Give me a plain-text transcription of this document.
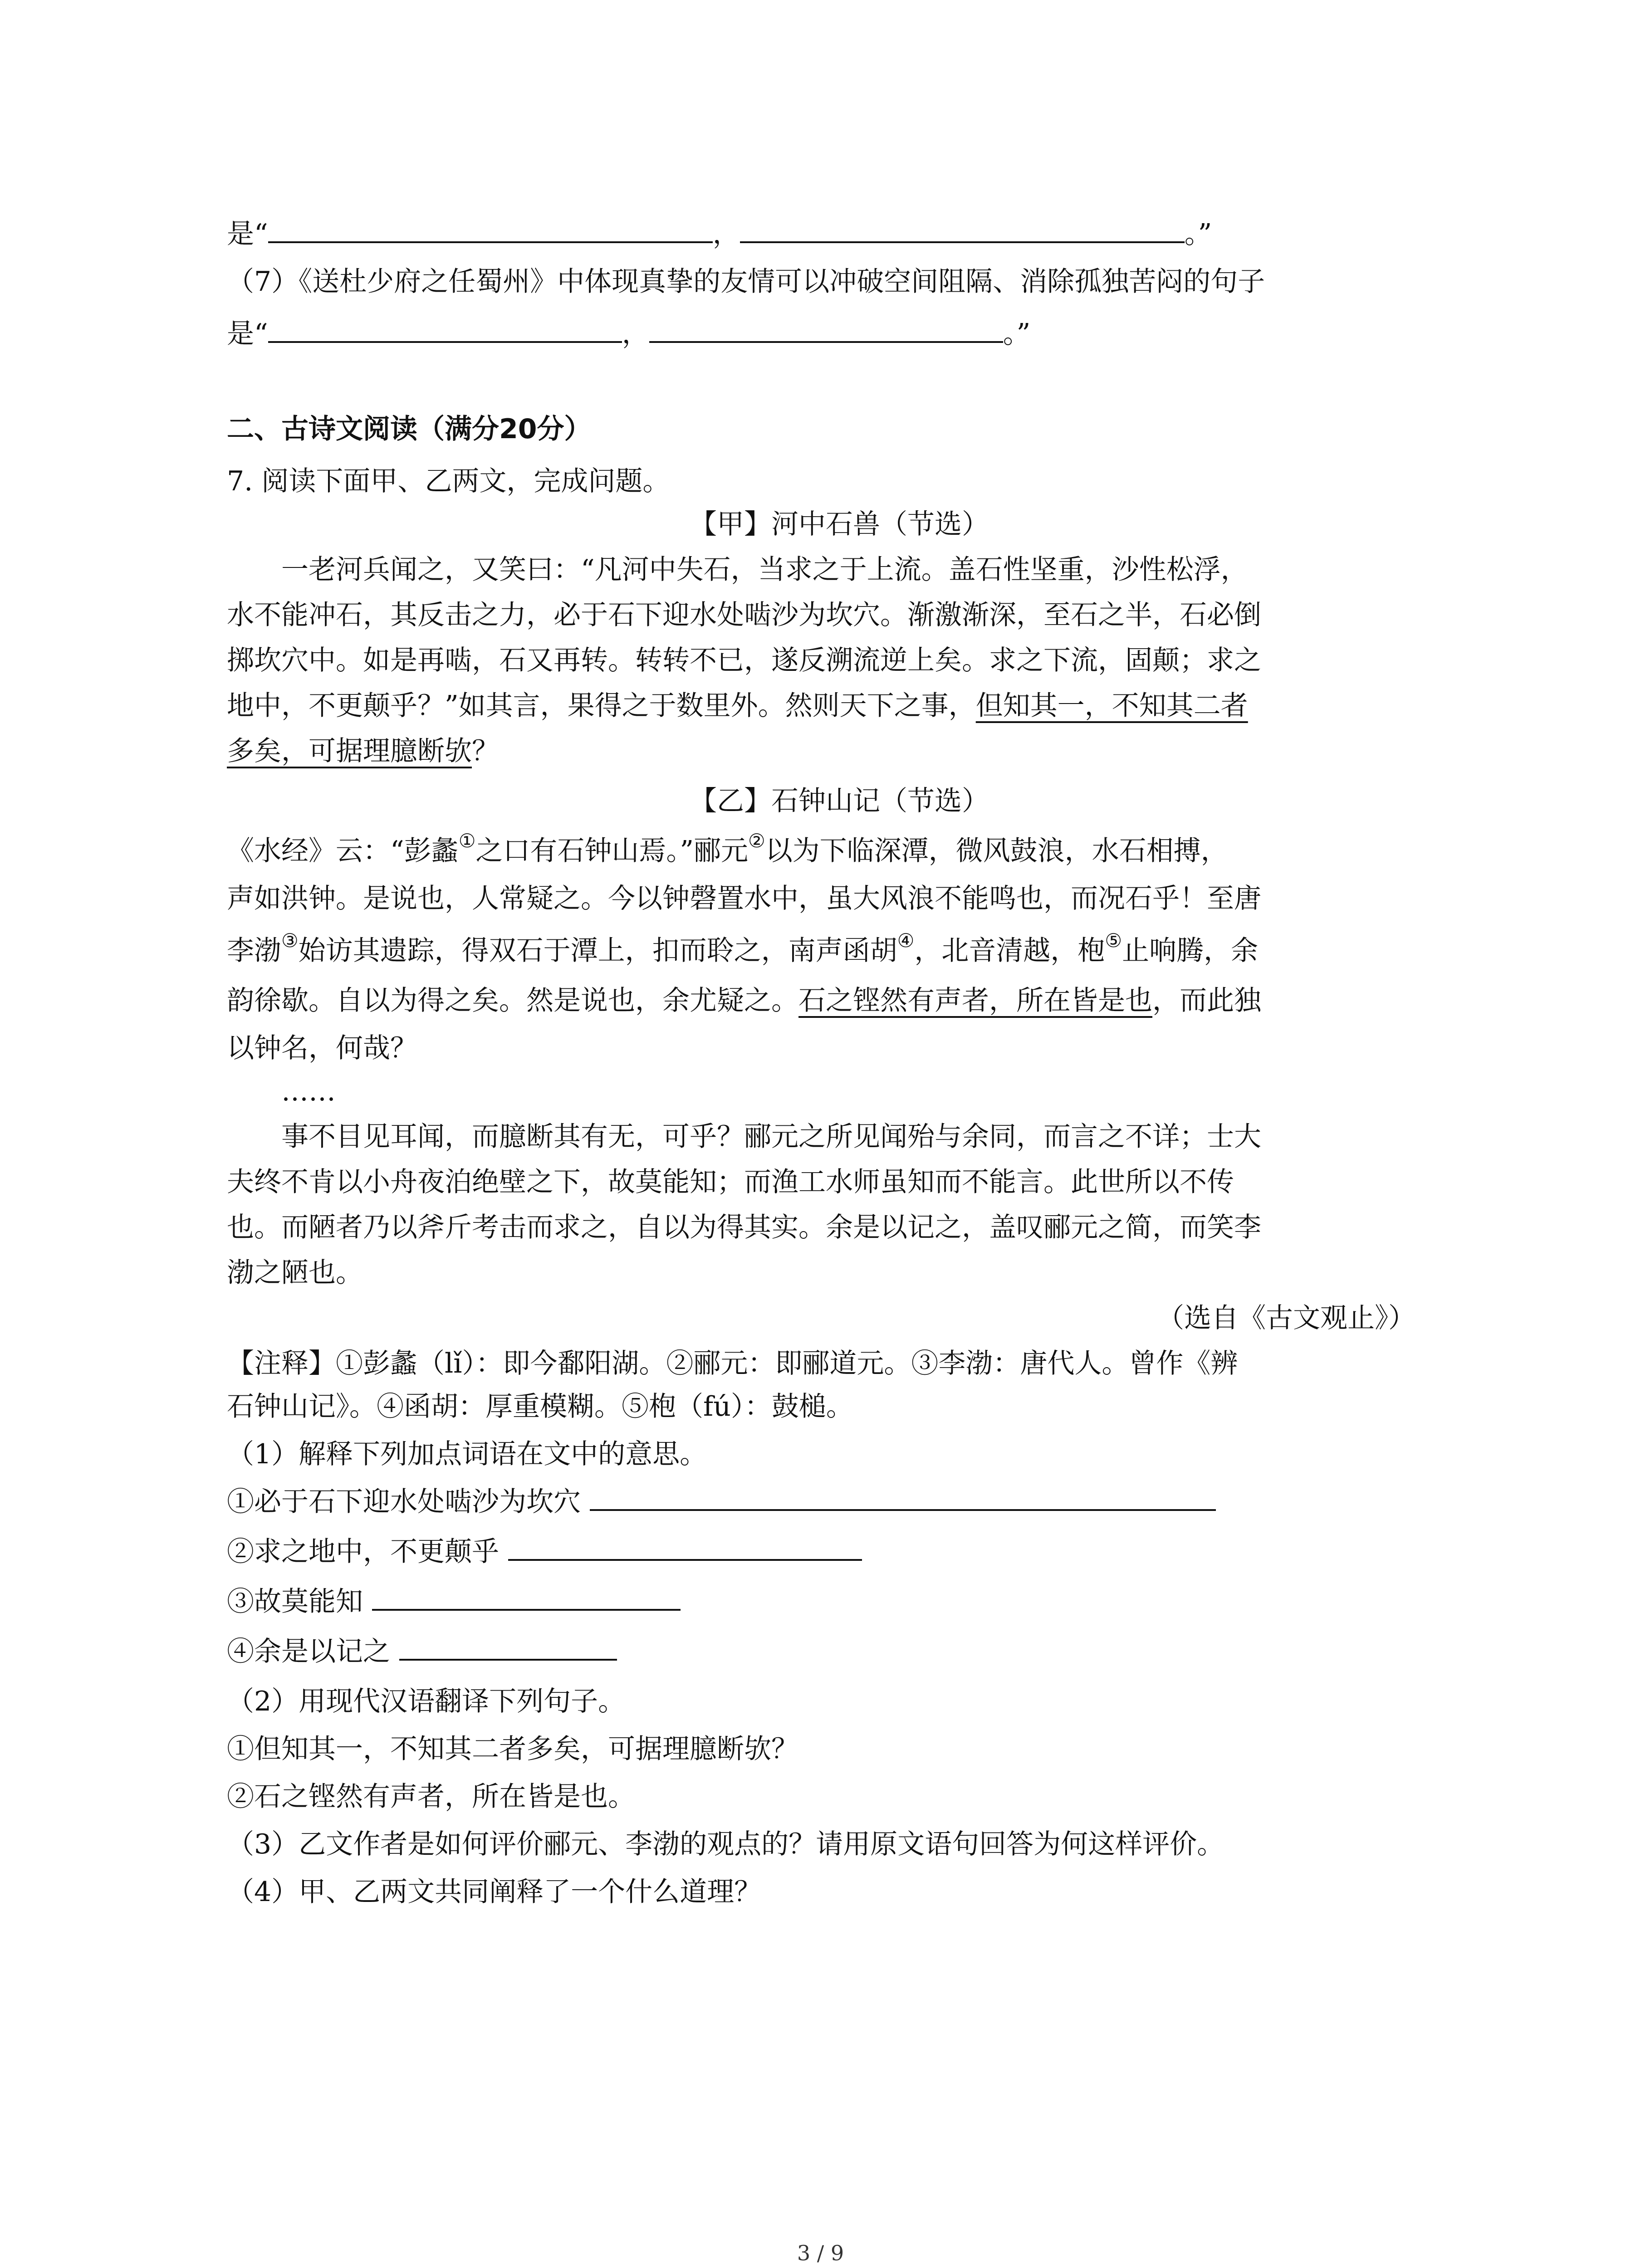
是“	，	。”
（7）《送杜少府之任蜀州》中体现真挚的友情可以冲破空间阻隔、消除孤独苦闷的句子
是“	，	。”
二、古诗文阅读（满分20分）
7. 阅读下面甲、乙两文，完成问题。
【甲】河中石兽（节选）
一老河兵闻之，又笑曰：“凡河中失石，当求之于上流。盖石性坚重，沙性松浮，
水不能冲石，其反击之力，必于石下迎水处啮沙为坎穴。渐激渐深，至石之半，石必倒
掷坎穴中。如是再啮，石又再转。转转不已，遂反溯流逆上矣。求之下流，固颠；求之
地中，不更颠乎？”如其言，果得之于数里外。然则天下之事，但知其一，不知其二者
多矣，可据理臆断欤？
【乙】石钟山记（节选）
《水经》云：“彭蠡①之口有石钟山焉。”郦元②以为下临深潭，微风鼓浪，水石相搏，
声如洪钟。是说也，人常疑之。今以钟磬置水中，虽大风浪不能鸣也，而况石乎！至唐
李渤③始访其遗踪，得双石于潭上，扣而聆之，南声函胡④，北音清越，枹⑤止响腾，余
韵徐歇。自以为得之矣。然是说也，余尤疑之。石之铿然有声者，所在皆是也，而此独
以钟名，何哉？
……
事不目见耳闻，而臆断其有无，可乎？郦元之所见闻殆与余同，而言之不详；士大
夫终不肯以小舟夜泊绝壁之下，故莫能知；而渔工水师虽知而不能言。此世所以不传
也。而陋者乃以斧斤考击而求之，自以为得其实。余是以记之，盖叹郦元之简，而笑李
渤之陋也。
（选自《古文观止》）
【注释】①彭蠡（lǐ）：即今鄱阳湖。②郦元：即郦道元。③李渤：唐代人。曾作《辨
石钟山记》。④函胡：厚重模糊。⑤枹（fú）：鼓槌。
（1）解释下列加点词语在文中的意思。
①必于石下迎水处啮沙为坎穴
②求之地中，不更颠乎
③故莫能知
④余是以记之
（2）用现代汉语翻译下列句子。
①但知其一，不知其二者多矣，可据理臆断欤？
②石之铿然有声者，所在皆是也。
（3）乙文作者是如何评价郦元、李渤的观点的？请用原文语句回答为何这样评价。
（4）甲、乙两文共同阐释了一个什么道理？
3 / 9
